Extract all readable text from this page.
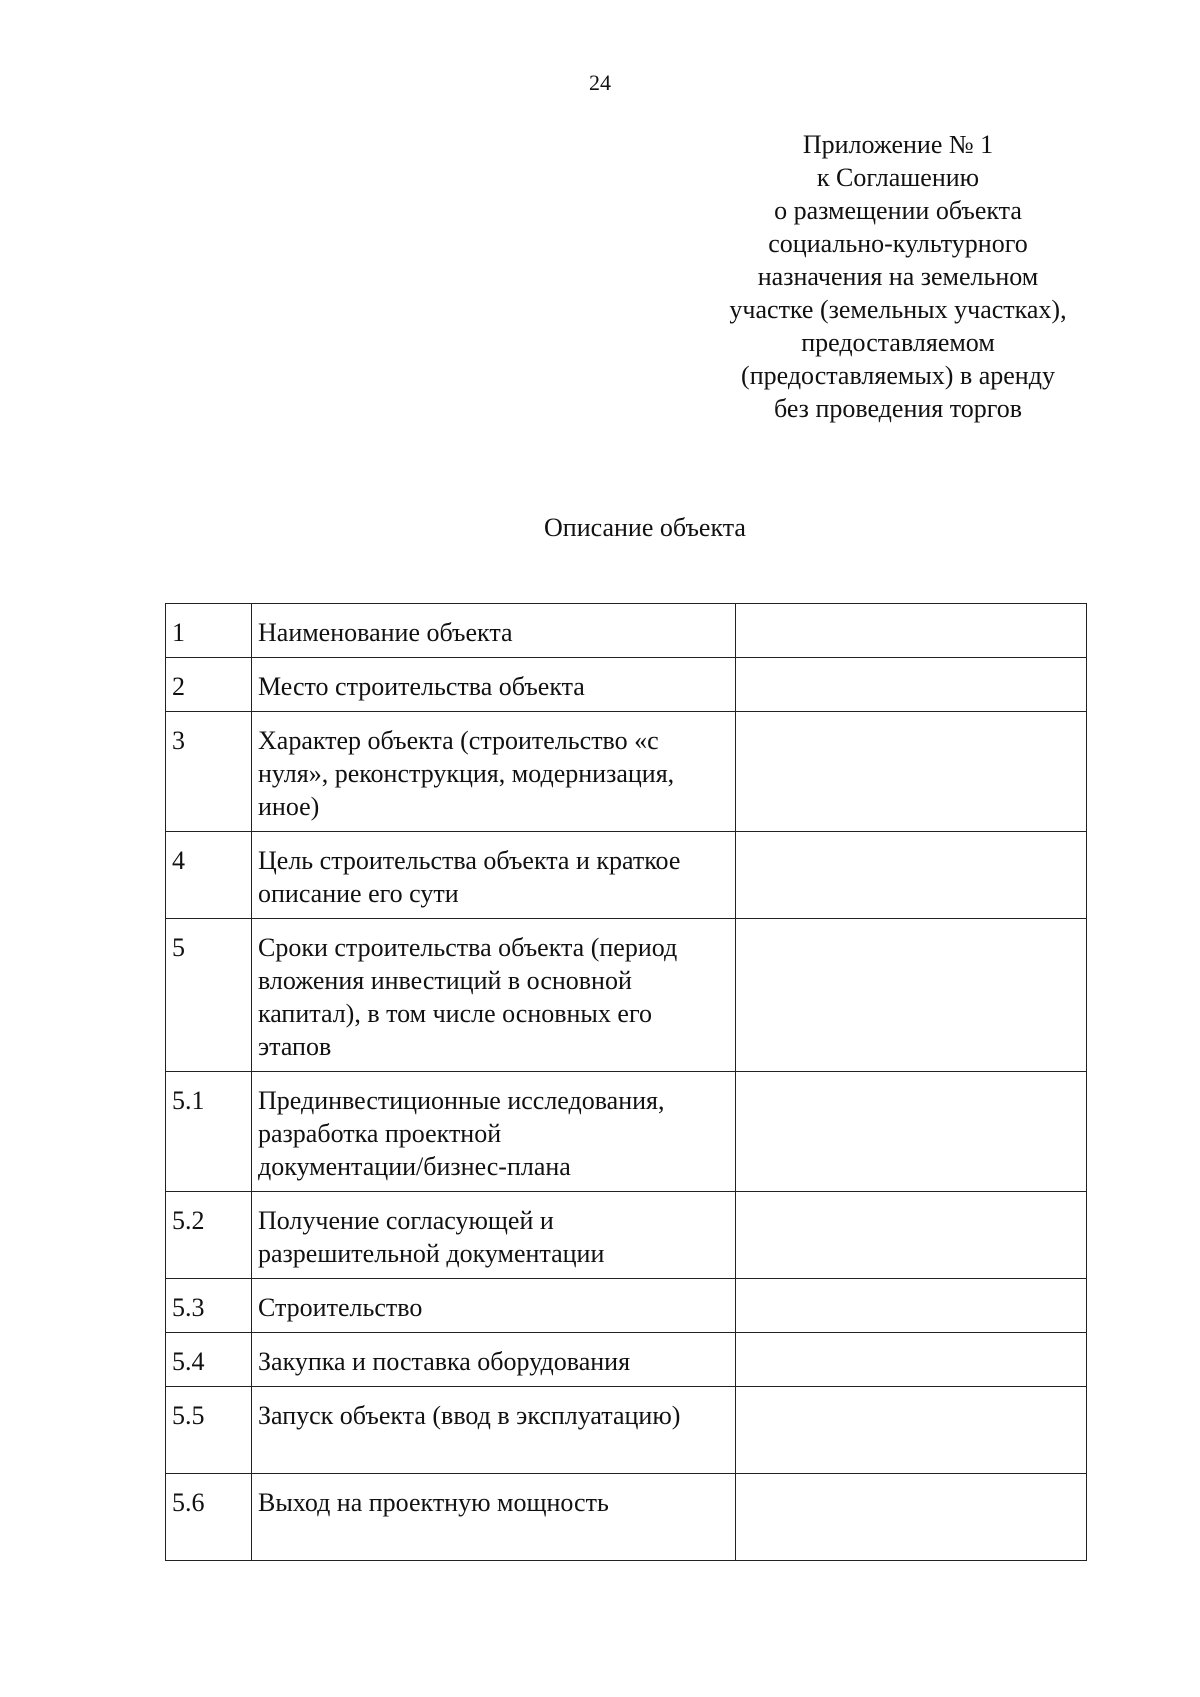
24
Приложение № 1
к Соглашению
о размещении объекта
социально-культурного
назначения на земельном
участке (земельных участках),
предоставляемом
(предоставляемых) в аренду
без проведения торгов
Описание объекта
1	Наименование объекта	

2	Место строительства объекта	

3	Характер объекта (строительство «с
нуля», реконструкция, модернизация,
иное)	

4	Цель строительства объекта и краткое
описание его сути	

5	Сроки строительства объекта (период
вложения инвестиций в основной
капитал), в том числе основных его
этапов	

5.1	Прединвестиционные исследования,
разработка проектной
документации/бизнес-плана	

5.2	Получение согласующей и
разрешительной документации	

5.3	Строительство	

5.4	Закупка и поставка оборудования	

5.5	Запуск объекта (ввод в эксплуатацию)	

5.6	Выход на проектную мощность	
